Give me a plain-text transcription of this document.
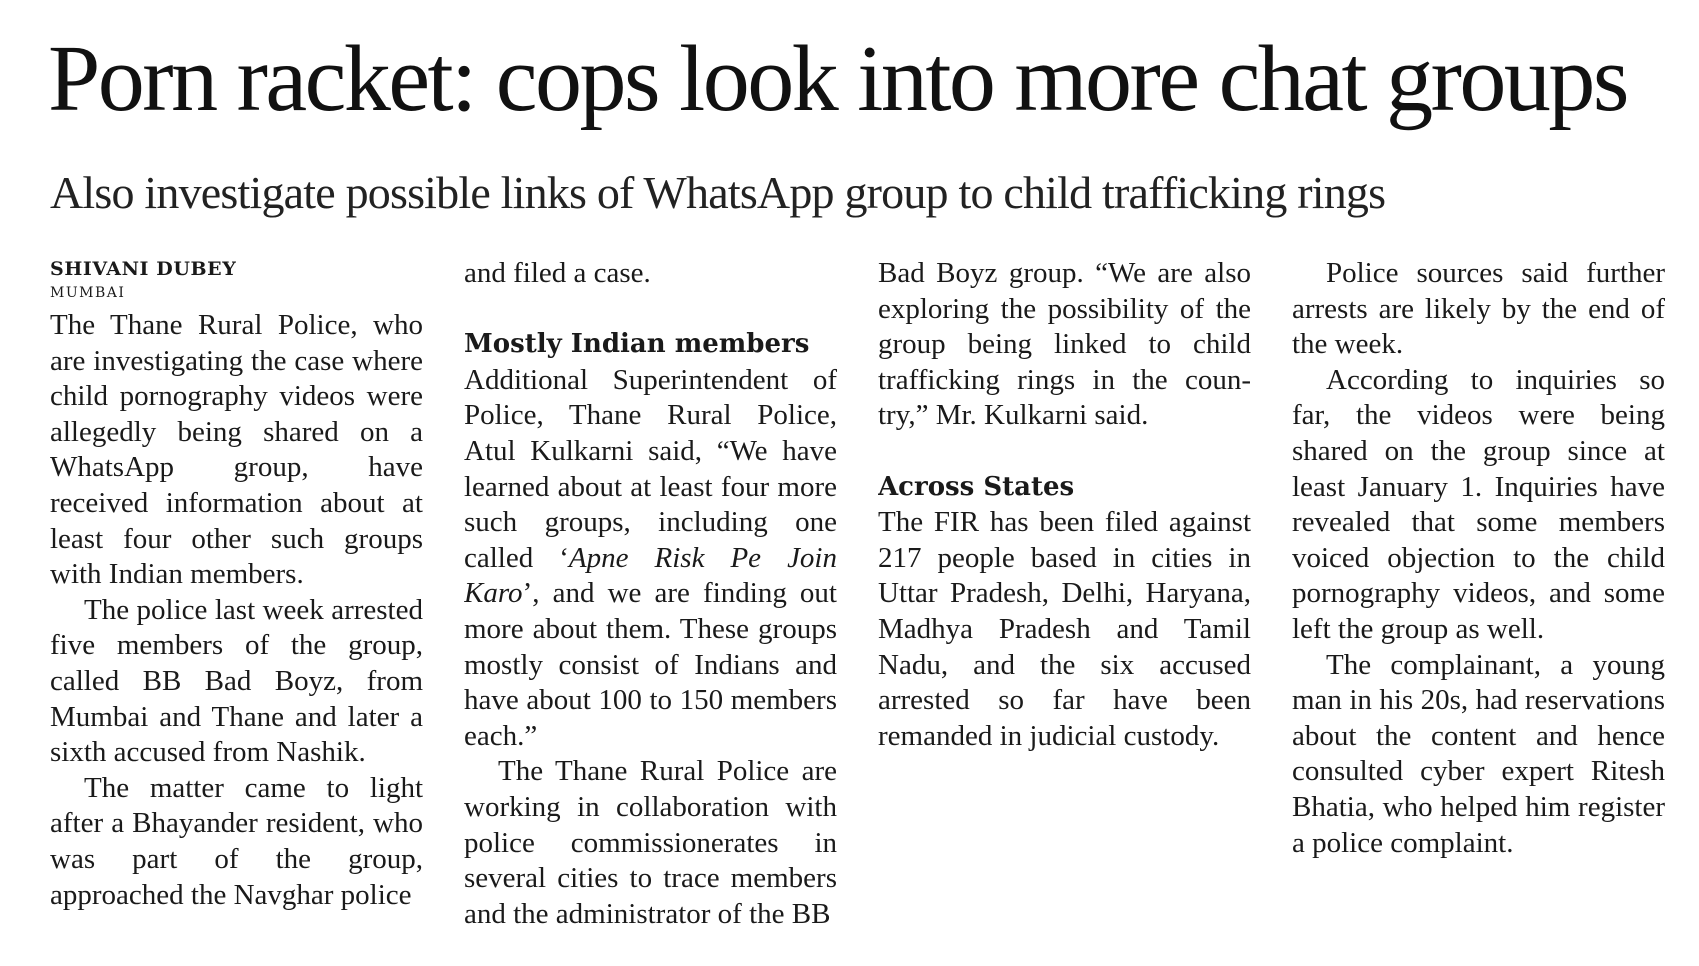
Porn racket: cops look into more chat groups
Also investigate possible links of WhatsApp group to child trafficking rings
SHIVANI DUBEY
MUMBAI

The Thane Rural Police, who are investigating the case where child pornography videos were allegedly being shared on a WhatsApp group, have received information about at least four other such groups with Indian members.

The police last week arrested five members of the group, called BB Bad Boyz, from Mumbai and Thane and later a sixth accused from Nashik.

The matter came to light after a Bhayander resident, who was part of the group, approached the Navghar police

and filed a case.

Mostly Indian members

Additional Superintendent of Police, Thane Rural Police, Atul Kulkarni said, “We have learned about at least four more such groups, including one called ‘Apne Risk Pe Join Karo’, and we are finding out more about them. These groups mostly consist of Indians and have about 100 to 150 members each.”

The Thane Rural Police are working in collaboration with police commissionerates in several cities to trace members and the administrator of the BB

Bad Boyz group. “We are also exploring the possibility of the group being linked to child trafficking rings in the country,” Mr. Kulkarni said.

Across States

The FIR has been filed against 217 people based in cities in Uttar Pradesh, Delhi, Haryana, Madhya Pradesh and Tamil Nadu, and the six accused arrested so far have been remanded in judicial custody.

Police sources said further arrests are likely by the end of the week.

According to inquiries so far, the videos were being shared on the group since at least January 1. Inquiries have revealed that some members voiced objection to the child pornography videos, and some left the group as well.

The complainant, a young man in his 20s, had reservations about the content and hence consulted cyber expert Ritesh Bhatia, who helped him register a police complaint.
